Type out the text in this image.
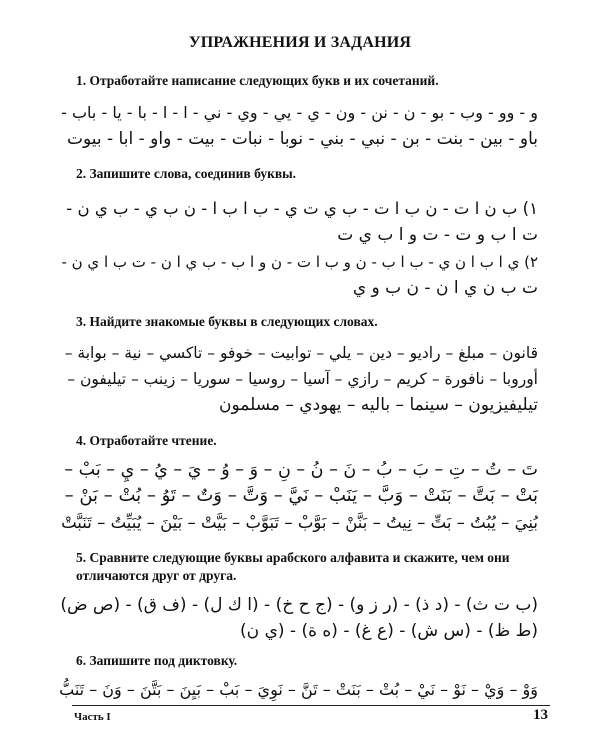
УПРАЖНЕНИЯ И ЗАДАНИЯ
1. Отработайте написание следующих букв и их сочетаний.
و - وو - وب - بو - ن - نن - ون - ي - يي - وي - ني - ا - ا - با - يا - باب -
باو - بين - بنت - بن - نبي - بني - نوبا - نبات - بيت - واو - ابا - بيوت
2. Запишите слова, соединив буквы.
١) ب ن ا ت - ن ب ا ت - ب ي ت ي - ب ا ب ا - ن ب ي - ب ي ن -
ت ا ب و ت - ت و ا ب ي ت
٢) ي ا ب ا ن ي - ب ا ب - ن و ب ا ت - ن و ا ب - ب ي ا ن - ت ب ا ي ن -
ت ب ن ي ا ن - ن ب و ي
3. Найдите знакомые буквы в следующих словах.
قانون – مبلغ – راديو – دين – يلي – توابيت – خوفو – تاكسي – نية – بوابة –
أوروبا – نافورة – كريم – رازي – آسيا – روسيا – سوريا – زينب – تيليفون –
تيليفيزيون – سينما – باليه – يهودي – مسلمون
4. Отработайте чтение.
تَ – تُ – تِ – بَ – بُ – نَ – نُ – نِ – وَ – وُ – يَ – يُ – يِ – بَبْ –
بَتْ – بَتَّ – بَنَتْ – وَبَّ – يَنَبْ – نَيَّ – وَتَّ – وَتٌ – تَوُ – بُتْ – بَنْ –
بُنِيَ – يُبُتُ – بَتِّ – نِيتُ – بَنَّنْ – بَوَّبْ – تَبَوَّبْ – بَيَّتْ – بَيْنَ – يُبَيِّتُ – تَنَبَّتْ
5. Сравните следующие буквы арабского алфавита и скажите, чем они отличаются друг от друга.
(ب ت ث) - (د ذ) - (ر ز و) - (ج ح خ) - (ا ك ل) - (ف ق) - (ص ض)
(ط ظ) - (س ش) - (ع غ) - (ه ة) - (ي ن)
6. Запишите под диктовку.
وَوْ – وَيْ – نَوْ – نَيْ – بُتْ – بَنَتْ – تَنَّ – نَوِيَ – بَبْ – بَيِنَ – بَتَّنَ – وَنَ – تَنَبُّ
Часть I	13
